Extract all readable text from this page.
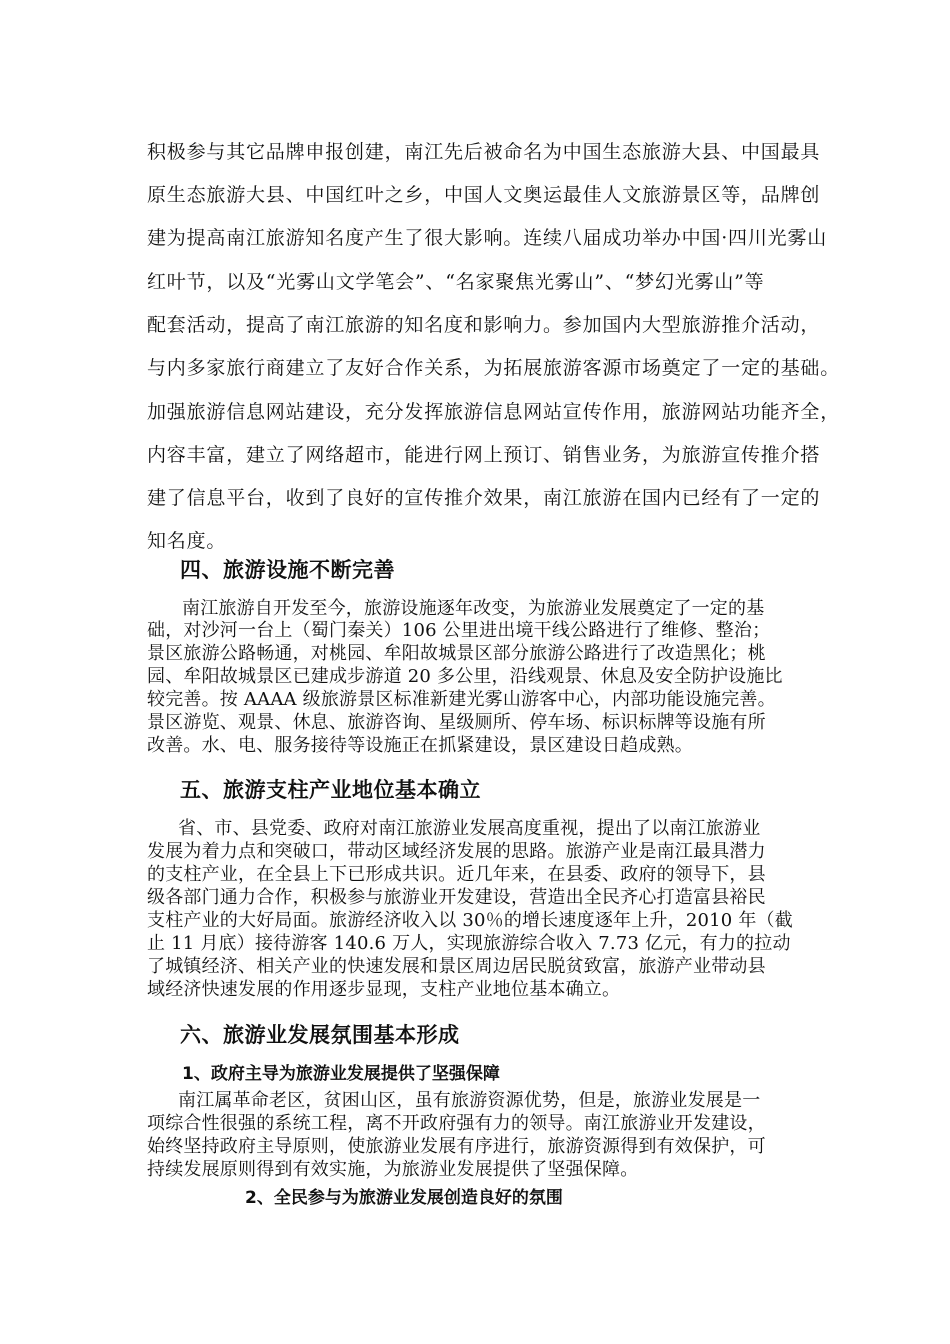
积极参与其它品牌申报创建，南江先后被命名为中国生态旅游大县、中国最具
原生态旅游大县、中国红叶之乡，中国人文奥运最佳人文旅游景区等，品牌创
建为提高南江旅游知名度产生了很大影响。连续八届成功举办中国·四川光雾山
红叶节，以及“光雾山文学笔会”、“名家聚焦光雾山”、“梦幻光雾山”等
配套活动，提高了南江旅游的知名度和影响力。参加国内大型旅游推介活动，
与内多家旅行商建立了友好合作关系，为拓展旅游客源市场奠定了一定的基础。
加强旅游信息网站建设，充分发挥旅游信息网站宣传作用，旅游网站功能齐全，
内容丰富，建立了网络超市，能进行网上预订、销售业务，为旅游宣传推介搭
建了信息平台，收到了良好的宣传推介效果，南江旅游在国内已经有了一定的
知名度。
四、旅游设施不断完善
南江旅游自开发至今，旅游设施逐年改变，为旅游业发展奠定了一定的基
础，对沙河一台上（蜀门秦关）106 公里进出境干线公路进行了维修、整治；
景区旅游公路畅通，对桃园、牟阳故城景区部分旅游公路进行了改造黑化；桃
园、牟阳故城景区已建成步游道 20 多公里，沿线观景、休息及安全防护设施比
较完善。按 AAAA 级旅游景区标准新建光雾山游客中心，内部功能设施完善。
景区游览、观景、休息、旅游咨询、星级厕所、停车场、标识标牌等设施有所
改善。水、电、服务接待等设施正在抓紧建设，景区建设日趋成熟。
五、旅游支柱产业地位基本确立
省、市、县党委、政府对南江旅游业发展高度重视，提出了以南江旅游业
发展为着力点和突破口，带动区域经济发展的思路。旅游产业是南江最具潜力
的支柱产业，在全县上下已形成共识。近几年来，在县委、政府的领导下，县
级各部门通力合作，积极参与旅游业开发建设，营造出全民齐心打造富县裕民
支柱产业的大好局面。旅游经济收入以 30％的增长速度逐年上升，2010 年（截
止 11 月底）接待游客 140.6 万人，实现旅游综合收入 7.73 亿元，有力的拉动
了城镇经济、相关产业的快速发展和景区周边居民脱贫致富，旅游产业带动县
域经济快速发展的作用逐步显现，支柱产业地位基本确立。
六、旅游业发展氛围基本形成
1、政府主导为旅游业发展提供了坚强保障
南江属革命老区，贫困山区，虽有旅游资源优势，但是，旅游业发展是一
项综合性很强的系统工程，离不开政府强有力的领导。南江旅游业开发建设，
始终坚持政府主导原则，使旅游业发展有序进行，旅游资源得到有效保护，可
持续发展原则得到有效实施，为旅游业发展提供了坚强保障。
2、全民参与为旅游业发展创造良好的氛围
